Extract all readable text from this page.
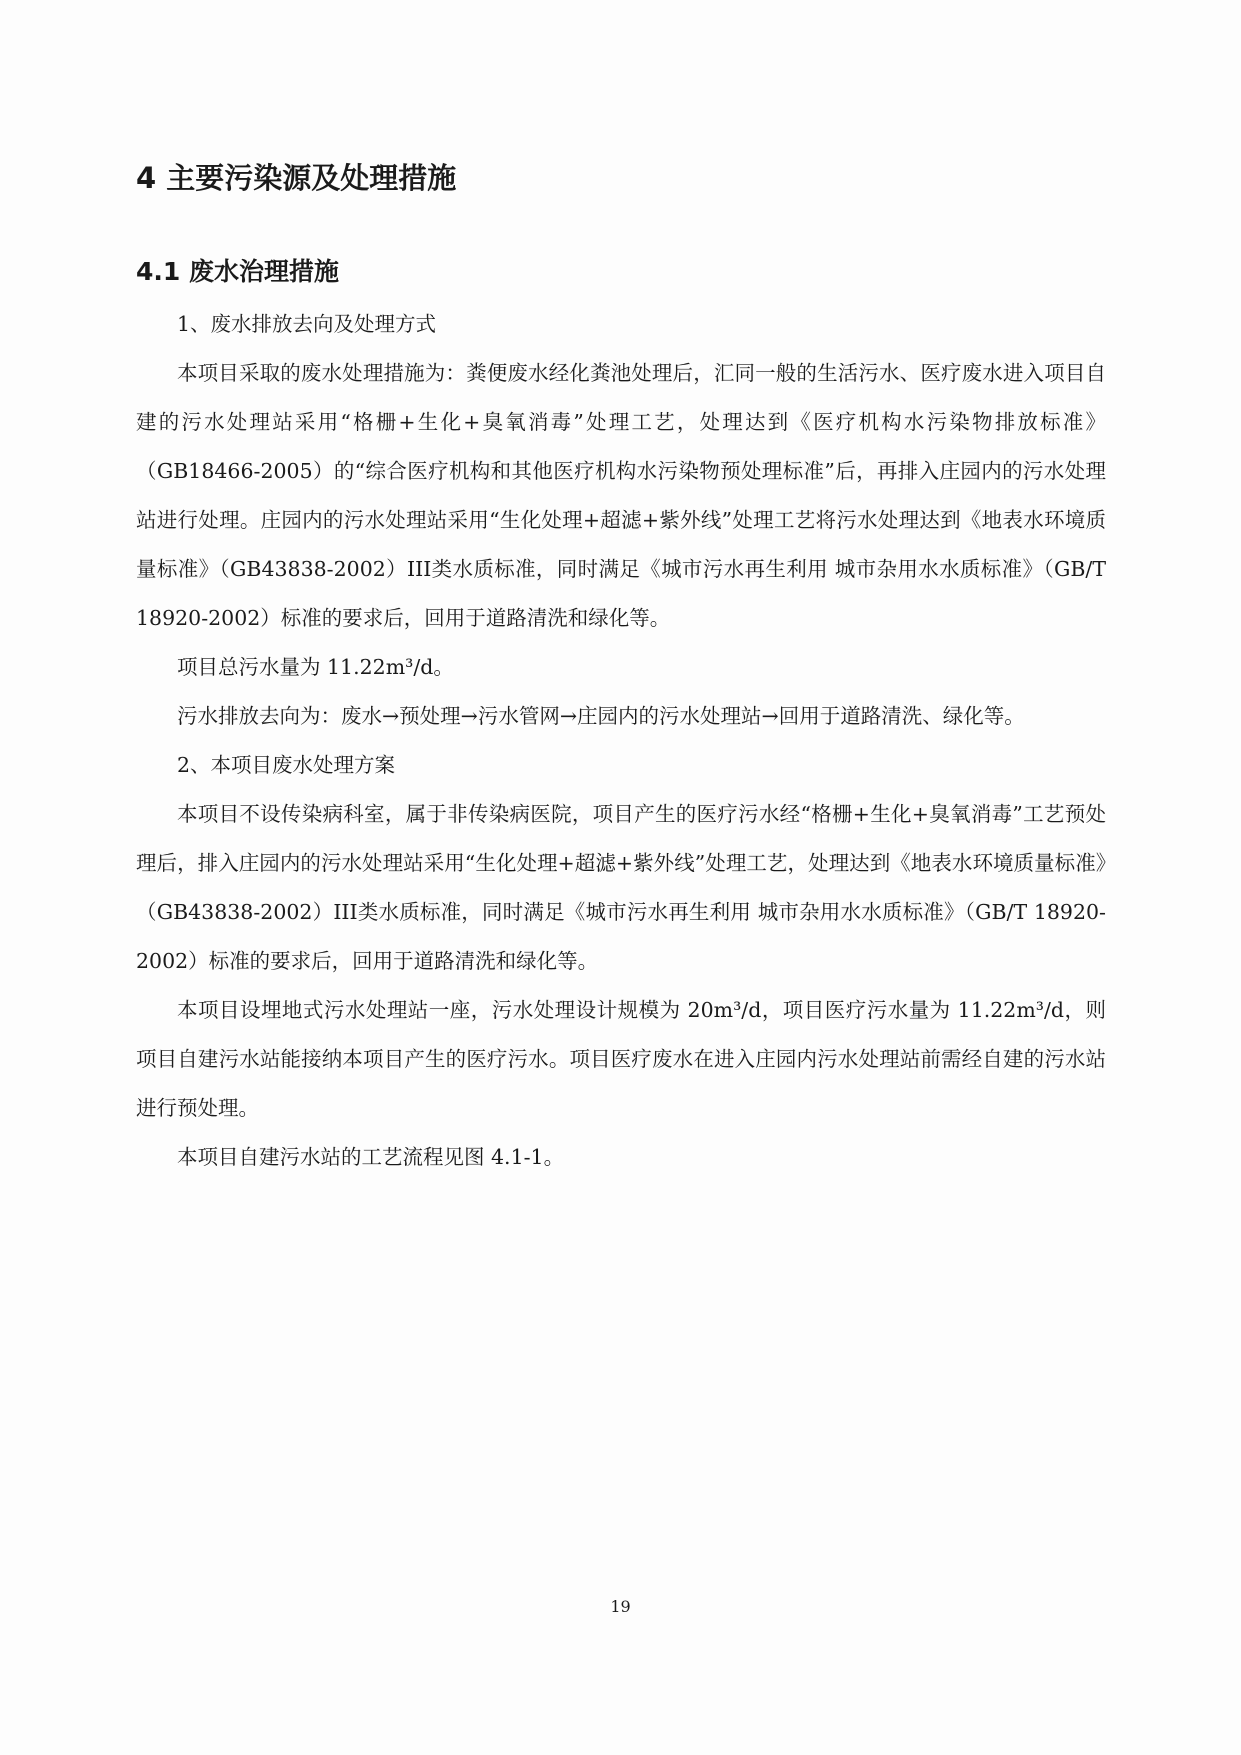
4 主要污染源及处理措施
4.1 废水治理措施

1、废水排放去向及处理方式

本项目采取的废水处理措施为：粪便废水经化粪池处理后，汇同一般的生活污水、医疗废水进入项目自建的污水处理站采用“格栅+生化+臭氧消毒”处理工艺，处理达到《医疗机构水污染物排放标准》（GB18466-2005）的“综合医疗机构和其他医疗机构水污染物预处理标准”后，再排入庄园内的污水处理站进行处理。庄园内的污水处理站采用“生化处理+超滤+紫外线”处理工艺将污水处理达到《地表水环境质量标准》（GB43838-2002）III类水质标准，同时满足《城市污水再生利用 城市杂用水水质标准》（GB/T 18920-2002）标准的要求后，回用于道路清洗和绿化等。

项目总污水量为 11.22m³/d。

污水排放去向为：废水→预处理→污水管网→庄园内的污水处理站→回用于道路清洗、绿化等。

2、本项目废水处理方案

本项目不设传染病科室，属于非传染病医院，项目产生的医疗污水经“格栅+生化+臭氧消毒”工艺预处理后，排入庄园内的污水处理站采用“生化处理+超滤+紫外线”处理工艺，处理达到《地表水环境质量标准》（GB43838-2002）III类水质标准，同时满足《城市污水再生利用 城市杂用水水质标准》（GB/T 18920-2002）标准的要求后，回用于道路清洗和绿化等。

本项目设埋地式污水处理站一座，污水处理设计规模为 20m³/d，项目医疗污水量为 11.22m³/d，则项目自建污水站能接纳本项目产生的医疗污水。项目医疗废水在进入庄园内污水处理站前需经自建的污水站进行预处理。

本项目自建污水站的工艺流程见图 4.1-1。

19
